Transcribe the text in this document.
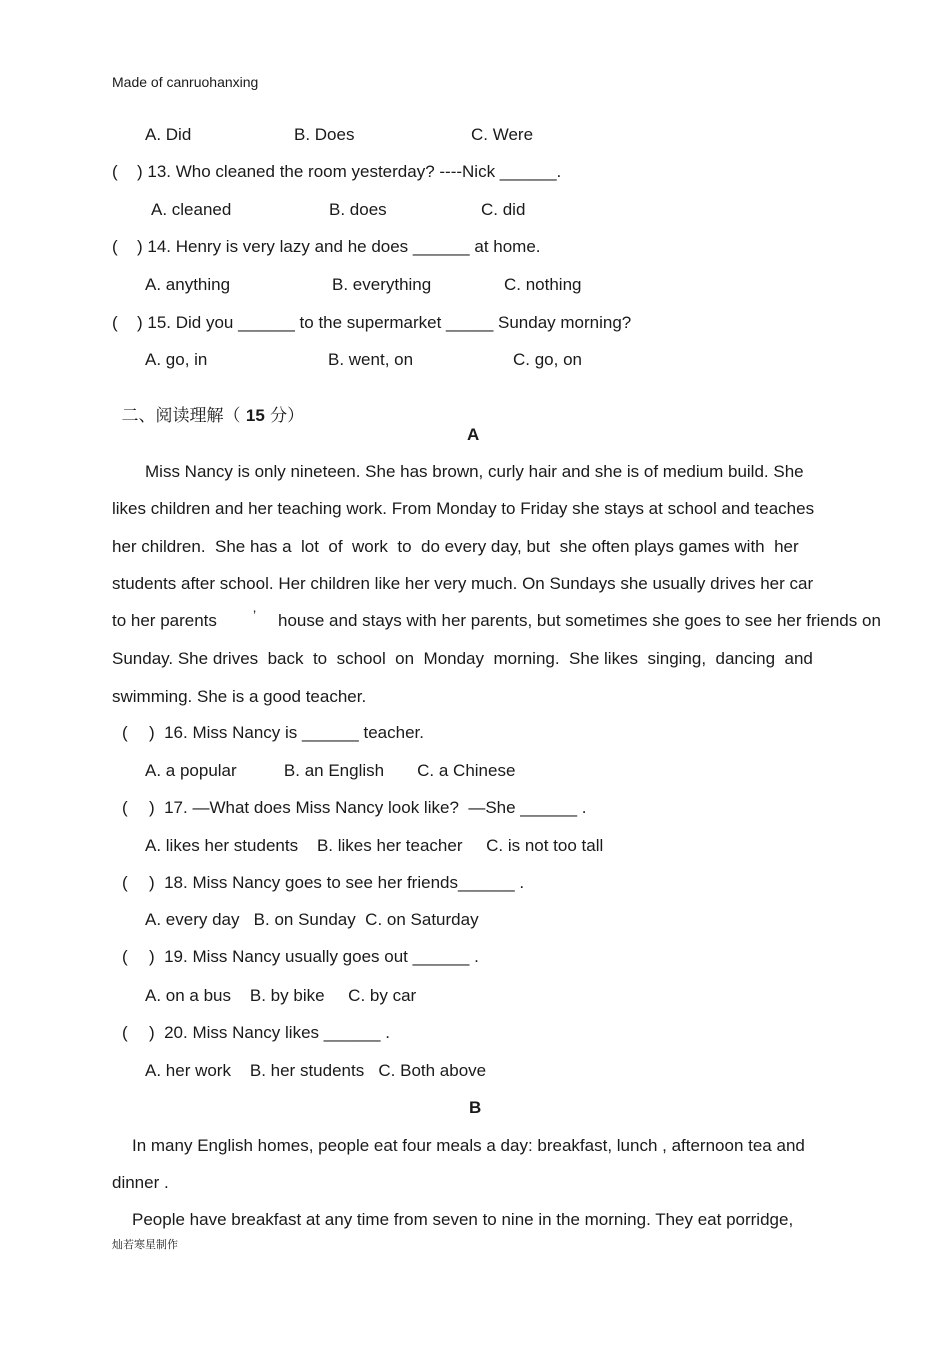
Made of canruohanxing
A. Did	B. Does	C. Were
( ) 13. Who cleaned the room yesterday? ----Nick ______.
A. cleaned	B. does	C. did
( ) 14. Henry is very lazy and he does ______ at home.
A. anything	B. everything	C. nothing
( ) 15. Did you ______ to the supermarket _____ Sunday morning?
A. go, in	B. went, on	C. go, on

二、阅读理解（ 15 分）

A
Miss Nancy is only nineteen. She has brown, curly hair and she is of medium build. She
likes children and her teaching work. From Monday to Friday she stays at school and teaches
her children.  She has a  lot  of  work  to  do every day, but  she often plays games with  her
students after school. Her children like her very much. On Sundays she usually drives her car
to her parents	’ house and stays with her parents, but sometimes she goes to see her friends on
Sunday. She drives  back  to  school  on  Monday  morning.  She likes  singing,  dancing  and
swimming. She is a good teacher.
( )  16. Miss Nancy is ______ teacher.
A. a popular          B. an English       C. a Chinese
( )  17. —What does Miss Nancy look like?  —She ______ .
A. likes her students    B. likes her teacher     C. is not too tall
( )  18. Miss Nancy goes to see her friends______ .
A. every day   B. on Sunday  C. on Saturday
( )  19. Miss Nancy usually goes out ______ .
A. on a bus    B. by bike     C. by car
( )  20. Miss Nancy likes ______ .
A. her work    B. her students   C. Both above
B
In many English homes, people eat four meals a day: breakfast, lunch , afternoon tea and
dinner .
People have breakfast at any time from seven to nine in the morning. They eat porridge,
灿若寒星制作
